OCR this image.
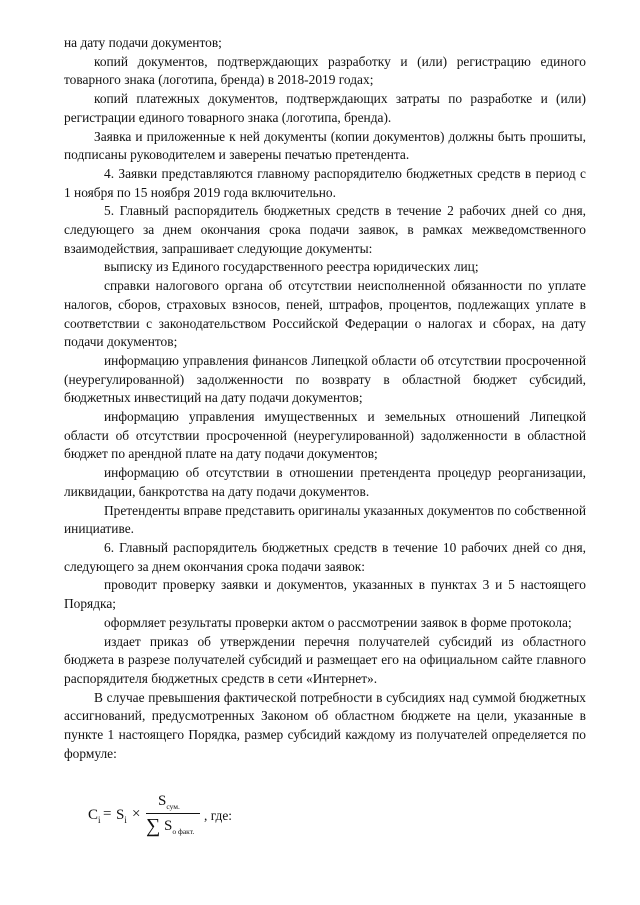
на дату подачи документов;

копий документов, подтверждающих разработку и (или) регистрацию единого товарного знака (логотипа, бренда) в 2018-2019 годах;

копий платежных документов, подтверждающих затраты по разработке и (или) регистрации единого товарного знака (логотипа, бренда).

Заявка и приложенные к ней документы (копии документов) должны быть прошиты, подписаны руководителем и заверены печатью претендента.

4. Заявки представляются главному распорядителю бюджетных средств в период с 1 ноября по 15 ноября 2019 года включительно.

5. Главный распорядитель бюджетных средств в течение 2 рабочих дней со дня, следующего за днем окончания срока подачи заявок, в рамках межведомственного взаимодействия, запрашивает следующие документы:

выписку из Единого государственного реестра юридических лиц;

справки налогового органа об отсутствии неисполненной обязанности по уплате налогов, сборов, страховых взносов, пеней, штрафов, процентов, подлежащих уплате в соответствии с законодательством Российской Федерации о налогах и сборах, на дату подачи документов;

информацию управления финансов Липецкой области об отсутствии просроченной (неурегулированной) задолженности по возврату в областной бюджет субсидий, бюджетных инвестиций на дату подачи документов;

информацию управления имущественных и земельных отношений Липецкой области об отсутствии просроченной (неурегулированной) задолженности в областной бюджет по арендной плате на дату подачи документов;

информацию об отсутствии в отношении претендента процедур реорганизации, ликвидации, банкротства на дату подачи документов.

Претенденты вправе представить оригиналы указанных документов по собственной инициативе.

6. Главный распорядитель бюджетных средств в течение 10 рабочих дней со дня, следующего за днем окончания срока подачи заявок:

проводит проверку заявки и документов, указанных в пунктах 3 и 5 настоящего Порядка;

оформляет результаты проверки актом о рассмотрении заявок в форме протокола;

издает приказ об утверждении перечня получателей субсидий из областного бюджета в разрезе получателей субсидий и размещает его на официальном сайте главного распорядителя бюджетных средств в сети «Интернет».

В случае превышения фактической потребности в субсидиях над суммой бюджетных ассигнований, предусмотренных Законом об областном бюджете на цели, указанные в пункте 1 настоящего Порядка, размер субсидий каждому из получателей определяется по формуле:

$C_i = S_i$ ×
$S_{сум.}$
∑ $S_{о факт.}$
, где:
